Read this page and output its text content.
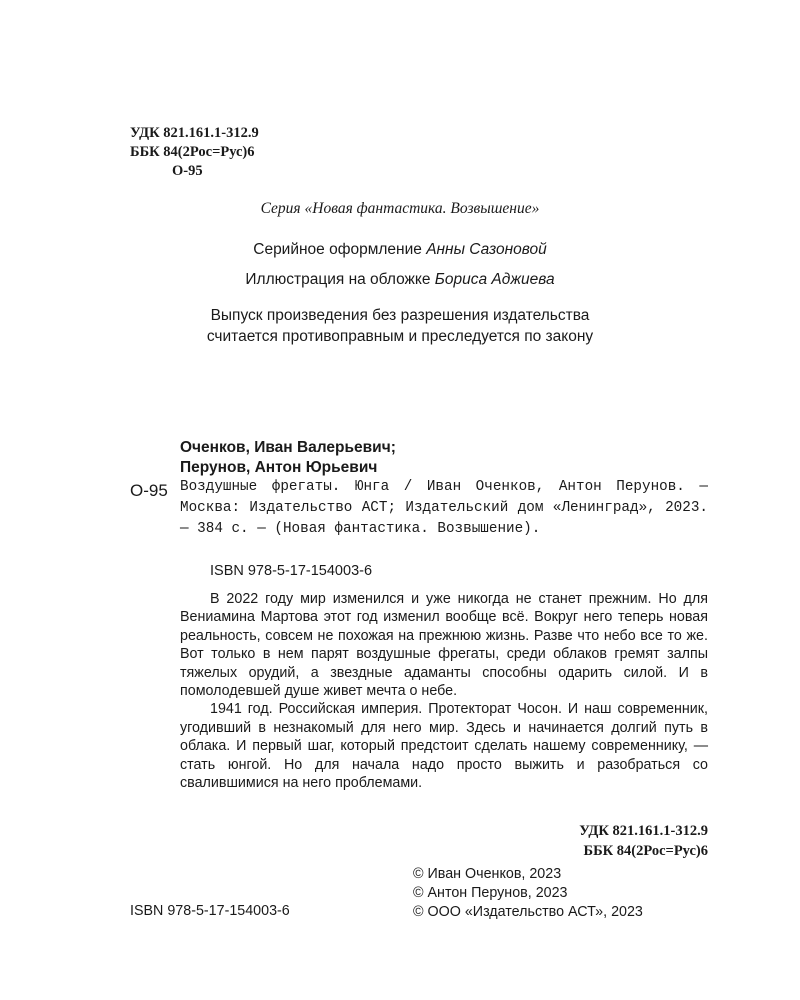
УДК 821.161.1-312.9
ББК 84(2Рос=Рус)6
О-95
Серия «Новая фантастика. Возвышение»
Серийное оформление Анны Сазоновой
Иллюстрация на обложке Бориса Аджиева
Выпуск произведения без разрешения издательства
считается противоправным и преследуется по закону
Оченков, Иван Валерьевич;
Перунов, Антон Юрьевич
О-95 Воздушные фрегаты. Юнга / Иван Оченков, Антон Перунов. — Москва: Издательство АСТ; Издательский дом «Ленинград», 2023. — 384 с. — (Новая фантастика. Возвышение).
ISBN 978-5-17-154003-6

В 2022 году мир изменился и уже никогда не станет прежним. Но для Вениамина Мартова этот год изменил вообще всё. Вокруг него теперь новая реальность, совсем не похожая на прежнюю жизнь. Разве что небо все то же. Вот только в нем парят воздушные фрегаты, среди облаков гремят залпы тяжелых орудий, а звездные адаманты способны одарить силой. И в помолодевшей душе живет мечта о небе.

1941 год. Российская империя. Протекторат Чосон. И наш современник, угодивший в незнакомый для него мир. Здесь и начинается долгий путь в облака. И первый шаг, который предстоит сделать нашему современнику, — стать юнгой. Но для начала надо просто выжить и разобраться со свалившимися на него проблемами.

УДК 821.161.1-312.9
ББК 84(2Рос=Рус)6
© Иван Оченков, 2023
© Антон Перунов, 2023
© ООО «Издательство АСТ», 2023
ISBN 978-5-17-154003-6
